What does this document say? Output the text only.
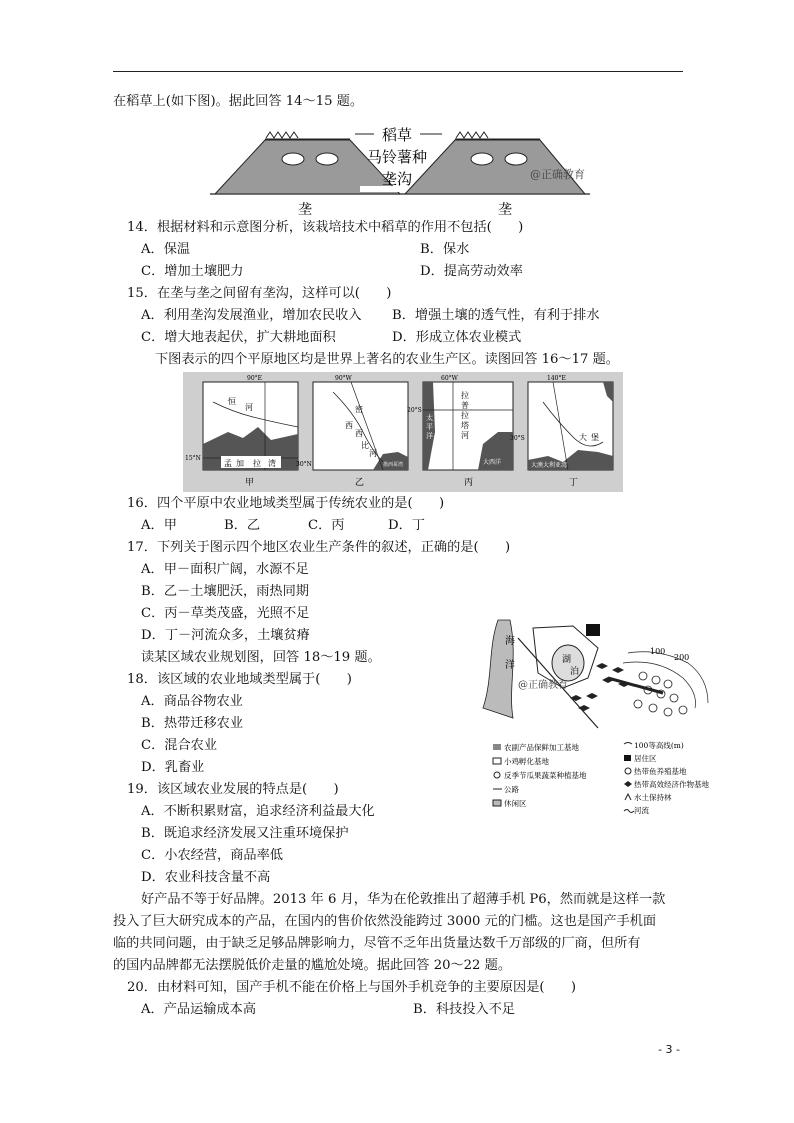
在稻草上(如下图)。据此回答 14～15 题。
稻草
马铃薯种
垄沟	@正确教育
垄	垄
14．根据材料和示意图分析，该栽培技术中稻草的作用不包括(　　)
A．保温	B．保水
C．增加土壤肥力	D．提高劳动效率
15．在垄与垄之间留有垄沟，这样可以(　　)
A．利用垄沟发展渔业，增加农民收入 B．增强土壤的透气性，有利于排水
C．增大地表起伏，扩大耕地面积	D．形成立体农业模式
下图表示的四个平原地区均是世界上著名的农业生产区。读图回答 16～17 题。
90°E
15°N
恒
河
孟 加 拉 湾
90°W
30°N
密
西
西
比
河
墨西哥湾
60°W
20°S
拉
普
拉
塔
河
太
平
洋
大西洋
140°E
30°S	大 堡
大澳大利亚湾
甲	乙	丙	丁
16．四个平原中农业地域类型属于传统农业的是(　　)
A．甲	B．乙	C．丙	D．丁
17．下列关于图示四个地区农业生产条件的叙述，正确的是(　　)
A．甲－面积广阔，水源不足
B．乙－土壤肥沃，雨热同期
C．丙－草类茂盛，光照不足
D．丁－河流众多，土壤贫瘠
读某区域农业规划图，回答 18～19 题。
18．该区域的农业地域类型属于(　　)
A．商品谷物农业
B．热带迁移农业
C．混合农业
D．乳畜业
19．该区域农业发展的特点是(　　)
A．不断积累财富，追求经济利益最大化
B．既追求经济发展又注重环境保护
C．小农经营，商品率低
D．农业科技含量不高
海
洋	湖
泊
100
200
@正确教育
农副产品保鲜加工基地
小鸡孵化基地
反季节瓜果蔬菜种植基地
公路
休闲区
100等高线(m)
居住区
热带鱼养殖基地
热带高效经济作物基地
水土保持林
河流
好产品不等于好品牌。2013 年 6 月，华为在伦敦推出了超薄手机 P6，然而就是这样一款
投入了巨大研究成本的产品，在国内的售价依然没能跨过 3000 元的门槛。这也是国产手机面
临的共同问题，由于缺乏足够品牌影响力，尽管不乏年出货量达数千万部级的厂商，但所有
的国内品牌都无法摆脱低价走量的尴尬处境。据此回答 20～22 题。
20．由材料可知，国产手机不能在价格上与国外手机竞争的主要原因是(　　)
A．产品运输成本高	B．科技投入不足
- 3 -
